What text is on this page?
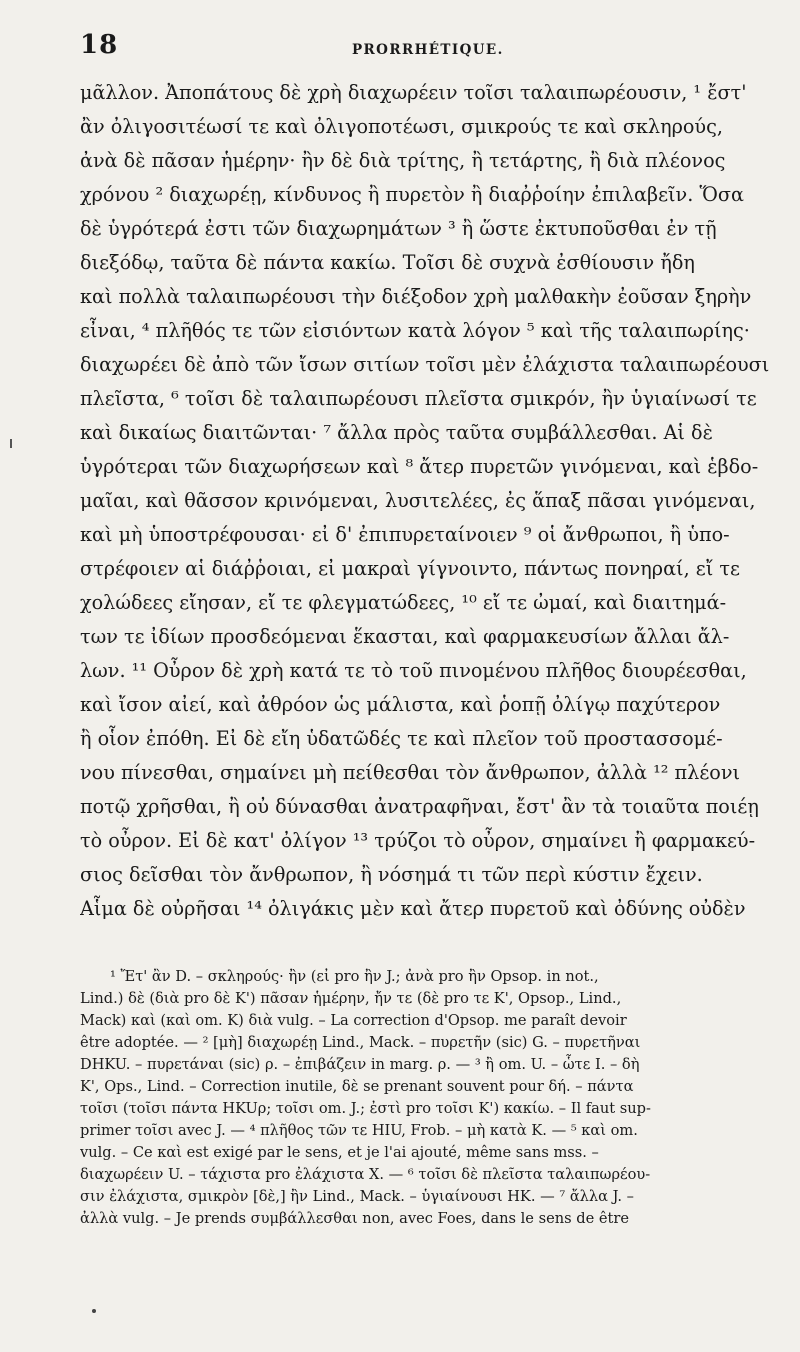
18	PRORRHÉTIQUE.
μᾶλλον. Ἀποπάτους δὲ χρὴ διαχωρέειν τοῖσι ταλαιπωρέουσιν, ¹ ἔστ'
ἂν ὀλιγοσιτέωσί τε καὶ ὀλιγοποτέωσι, σμικρούς τε καὶ σκληρούς,
ἀνὰ δὲ πᾶσαν ἡμέρην· ἢν δὲ διὰ τρίτης, ἢ τετάρτης, ἢ διὰ πλέονος
χρόνου ² διαχωρέῃ, κίνδυνος ἢ πυρετὸν ἢ διαῤῥοίην ἐπιλαβεῖν. Ὅσα
δὲ ὑγρότερά ἐστι τῶν διαχωρημάτων ³ ἢ ὥστε ἐκτυποῦσθαι ἐν τῇ
διεξόδῳ, ταῦτα δὲ πάντα κακίω. Τοῖσι δὲ συχνὰ ἐσθίουσιν ἤδη
καὶ πολλὰ ταλαιπωρέουσι τὴν διέξοδον χρὴ μαλθακὴν ἐοῦσαν ξηρὴν
εἶναι, ⁴ πλῆθός τε τῶν εἰσιόντων κατὰ λόγον ⁵ καὶ τῆς ταλαιπωρίης·
διαχωρέει δὲ ἀπὸ τῶν ἴσων σιτίων τοῖσι μὲν ἐλάχιστα ταλαιπωρέουσι
πλεῖστα, ⁶ τοῖσι δὲ ταλαιπωρέουσι πλεῖστα σμικρόν, ἢν ὑγιαίνωσί τε
καὶ δικαίως διαιτῶνται· ⁷ ἄλλα πρὸς ταῦτα συμβάλλεσθαι. Αἱ δὲ
ὑγρότεραι τῶν διαχωρήσεων καὶ ⁸ ἄτερ πυρετῶν γινόμεναι, καὶ ἑβδο-
μαῖαι, καὶ θᾶσσον κρινόμεναι, λυσιτελέες, ἐς ἅπαξ πᾶσαι γινόμεναι,
καὶ μὴ ὑποστρέφουσαι· εἰ δ' ἐπιπυρεταίνοιεν ⁹ οἱ ἄνθρωποι, ἢ ὑπο-
στρέφοιεν αἱ διάῤῥοιαι, εἰ μακραὶ γίγνοιντο, πάντως πονηραί, εἴ τε
χολώδεες εἴησαν, εἴ τε φλεγματώδεες, ¹⁰ εἴ τε ὠμαί, καὶ διαιτημά-
των τε ἰδίων προσδεόμεναι ἕκασται, καὶ φαρμακευσίων ἄλλαι ἄλ-
λων. ¹¹ Οὖρον δὲ χρὴ κατά τε τὸ τοῦ πινομένου πλῆθος διουρέεσθαι,
καὶ ἴσον αἰεί, καὶ ἀθρόον ὡς μάλιστα, καὶ ῥοπῇ ὀλίγῳ παχύτερον
ἢ οἷον ἐπόθη. Εἰ δὲ εἴη ὑδατῶδές τε καὶ πλεῖον τοῦ προστασσομέ-
νου πίνεσθαι, σημαίνει μὴ πείθεσθαι τὸν ἄνθρωπον, ἀλλὰ ¹² πλέονι
ποτῷ χρῆσθαι, ἢ οὐ δύνασθαι ἀνατραφῆναι, ἔστ' ἂν τὰ τοιαῦτα ποιέῃ
τὸ οὖρον. Εἰ δὲ κατ' ὀλίγον ¹³ τρύζοι τὸ οὖρον, σημαίνει ἢ φαρμακεύ-
σιος δεῖσθαι τὸν ἄνθρωπον, ἢ νόσημά τι τῶν περὶ κύστιν ἔχειν.
Αἷμα δὲ οὐρῆσαι ¹⁴ ὀλιγάκις μὲν καὶ ἄτερ πυρετοῦ καὶ ὀδύνης οὐδὲν
¹ Ἔτ' ἂν D. – σκληρούς· ἢν (εἰ pro ἢν J.; ἀνὰ pro ἢν Opsop. in not.,
Lind.) δὲ (διὰ pro δὲ K') πᾶσαν ἡμέρην, ἤν τε (δὲ pro τε K', Opsop., Lind.,
Mack) καὶ (καὶ om. K) διὰ vulg. – La correction d'Opsop. me paraît devoir
être adoptée. — ² [μὴ] διαχωρέῃ Lind., Mack. – πυρετῆν (sic) G. – πυρετῆναι
DHKU. – πυρετάναι (sic) ρ. – ἐπιβάζειν in marg. ρ. — ³ ἢ om. U. – ὧτε I. – δὴ
K', Ops., Lind. – Correction inutile, δὲ se prenant souvent pour δή. – πάντα
τοῖσι (τοῖσι πάντα HKUρ; τοῖσι om. J.; ἐστὶ pro τοῖσι K') κακίω. – Il faut sup-
primer τοῖσι avec J. — ⁴ πλῆθος τῶν τε HIU, Frob. – μὴ κατὰ K. — ⁵ καὶ om.
vulg. – Ce καὶ est exigé par le sens, et je l'ai ajouté, même sans mss. –
διαχωρέειν U. – τάχιστα pro ἐλάχιστα X. — ⁶ τοῖσι δὲ πλεῖστα ταλαιπωρέου-
σιν ἐλάχιστα, σμικρὸν [δὲ,] ἢν Lind., Mack. – ὑγιαίνουσι HK. — ⁷ ἄλλα J. –
ἀλλὰ vulg. – Je prends συμβάλλεσθαι non, avec Foes, dans le sens de être
